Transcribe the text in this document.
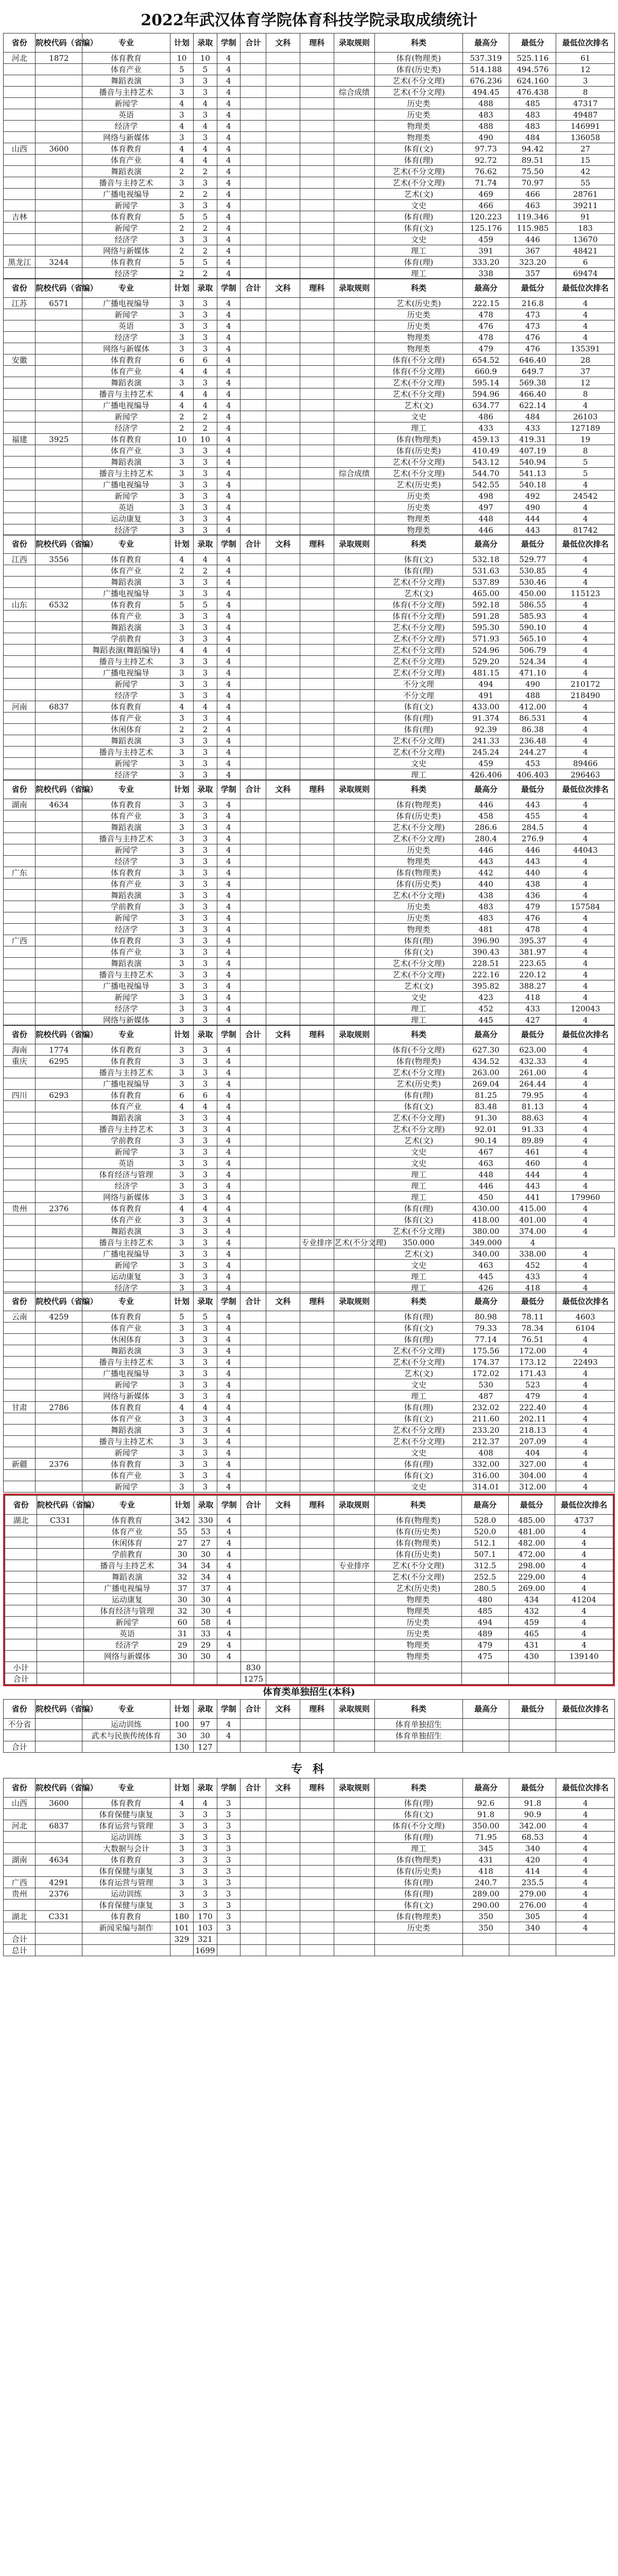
2022年武汉体育学院体育科技学院录取成绩统计
省份	院校代码（省编）	专业	计划	录取	学制	合计	文科	理科	录取规则	科类	最高分	最低分	最低位次排名
河北	1872	体育教育	10	10	4					体育(物理类)	537.319	525.116	61
		体育产业	5	5	4					体育(历史类)	514.188	494.576	12
		舞蹈表演	3	3	4					艺术(不分文理)	676.236	624.160	3
		播音与主持艺术	3	3	4				综合成绩	艺术(不分文理)	494.45	476.438	8
		新闻学	4	4	4					历史类	488	485	47317
		英语	3	3	4					历史类	483	483	49487
		经济学	4	4	4					物理类	488	483	146991
		网络与新媒体	3	3	4					物理类	490	484	136058
山西	3600	体育教育	4	4	4					体育(文)	97.73	94.42	27
		体育产业	4	4	4					体育(理)	92.72	89.51	15
		舞蹈表演	2	2	4					艺术(不分文理)	76.62	75.50	42
		播音与主持艺术	3	3	4					艺术(不分文理)	71.74	70.97	55
		广播电视编导	2	2	4					艺术(文)	469	466	28761
		新闻学	3	3	4					文史	466	463	39211
吉林		体育教育	5	5	4					体育(理)	120.223	119.346	91
		新闻学	2	2	4					体育(文)	125.176	115.985	183
		经济学	3	3	4					文史	459	446	13670
		网络与新媒体	2	2	4					理工	391	367	48421
黑龙江	3244	体育教育	5	5	4					体育(理)	333.20	323.20	6
		经济学	2	2	4					理工	338	357	69474
省份	院校代码（省编）	专业	计划	录取	学制	合计	文科	理科	录取规则	科类	最高分	最低分	最低位次排名
江苏	6571	广播电视编导	3	3	4					艺术(历史类)	222.15	216.8	4
		新闻学	3	3	4					历史类	478	473	4
		英语	3	3	4					历史类	476	473	4
		经济学	3	3	4					物理类	478	476	4
		网络与新媒体	3	3	4					物理类	479	476	135391
安徽		体育教育	6	6	4					体育(不分文理)	654.52	646.40	28
		体育产业	4	4	4					体育(不分文理)	660.9	649.7	37
		舞蹈表演	3	3	4					艺术(不分文理)	595.14	569.38	12
		播音与主持艺术	4	4	4					艺术(不分文理)	594.96	466.40	8
		广播电视编导	4	4	4					艺术(文)	634.77	622.14	4
		新闻学	2	2	4					文史	486	484	26103
		经济学	2	2	4					理工	433	433	127189
福建	3925	体育教育	10	10	4					体育(物理类)	459.13	419.31	19
		体育产业	3	3	4					体育(历史类)	410.49	407.19	8
		舞蹈表演	3	3	4					艺术(不分文理)	543.12	540.94	5
		播音与主持艺术	3	3	4				综合成绩	艺术(不分文理)	544.70	541.13	5
		广播电视编导	3	3	4					艺术(历史类)	542.55	540.18	4
		新闻学	3	3	4					历史类	498	492	24542
		英语	3	3	4					历史类	497	490	4
		运动康复	3	3	4					物理类	448	444	4
		经济学	3	3	4					物理类	446	443	81742
省份	院校代码（省编）	专业	计划	录取	学制	合计	文科	理科	录取规则	科类	最高分	最低分	最低位次排名
江西	3556	体育教育	4	4	4					体育(文)	532.18	529.77	4
		体育产业	2	2	4					体育(理)	531.63	530.85	4
		舞蹈表演	3	3	4					艺术(不分文理)	537.89	530.46	4
		广播电视编导	3	3	4					艺术(文)	465.00	450.00	115123
山东	6532	体育教育	5	5	4					体育(不分文理)	592.18	586.55	4
		体育产业	3	3	4					体育(不分文理)	591.28	585.93	4
		舞蹈表演	3	3	4					艺术(不分文理)	595.30	590.10	4
		学前教育	3	3	4					艺术(不分文理)	571.93	565.10	4
		舞蹈表演(舞蹈编导)	4	4	4					艺术(不分文理)	524.96	506.79	4
		播音与主持艺术	3	3	4					艺术(不分文理)	529.20	524.34	4
		广播电视编导	3	3	4					艺术(不分文理)	481.15	471.10	4
		新闻学	3	3	4					不分文理	494	490	210172
		经济学	3	3	4					不分文理	491	488	218490
河南	6837	体育教育	4	4	4					体育(文)	433.00	412.00	4
		体育产业	3	3	4					体育(理)	91.374	86.531	4
		休闲体育	2	2	4					体育(理)	92.39	86.38	4
		舞蹈表演	3	3	4					艺术(不分文理)	241.33	236.48	4
		播音与主持艺术	3	3	4					艺术(不分文理)	245.24	244.27	4
		新闻学	3	3	4					文史	459	453	89466
		经济学	3	3	4					理工	426.406	406.403	296463
省份	院校代码（省编）	专业	计划	录取	学制	合计	文科	理科	录取规则	科类	最高分	最低分	最低位次排名
湖南	4634	体育教育	3	3	4					体育(物理类)	446	443	4
		体育产业	3	3	4					体育(历史类)	458	455	4
		舞蹈表演	3	3	4					艺术(不分文理)	286.6	284.5	4
		播音与主持艺术	3	3	4					艺术(不分文理)	280.4	276.9	4
		新闻学	3	3	4					历史类	446	446	44043
		经济学	3	3	4					物理类	443	443	4
广东		体育教育	3	3	4					体育(物理类)	442	440	4
		体育产业	3	3	4					体育(历史类)	440	438	4
		舞蹈表演	3	3	4					艺术(不分文理)	438	436	4
		学前教育	3	3	4					历史类	483	479	157584
		新闻学	3	3	4					历史类	483	476	4
		经济学	3	3	4					物理类	481	478	4
广西		体育教育	3	3	4					体育(理)	396.90	395.37	4
		体育产业	3	3	4					体育(文)	390.43	381.97	4
		舞蹈表演	3	3	4					艺术(不分文理)	228.51	223.65	4
		播音与主持艺术	3	3	4					艺术(不分文理)	222.16	220.12	4
		广播电视编导	3	3	4					艺术(文)	395.82	388.27	4
		新闻学	3	3	4					文史	423	418	4
		经济学	3	3	4					理工	452	433	120043
		网络与新媒体	3	3	4					理工	445	427	4
省份	院校代码（省编）	专业	计划	录取	学制	合计	文科	理科	录取规则	科类	最高分	最低分	最低位次排名
海南	1774	体育教育	3	3	4					体育(不分文理)	627.30	623.00	4
重庆	6295	体育教育	3	3	4					体育(物理类)	434.52	432.33	4
		播音与主持艺术	3	3	4					艺术(不分文理)	263.00	261.00	4
		广播电视编导	3	3	4					艺术(历史类)	269.04	264.44	4
四川	6293	体育教育	6	6	4					体育(理)	81.25	79.95	4
		体育产业	4	4	4					体育(文)	83.48	81.13	4
		舞蹈表演	3	3	4					艺术(不分文理)	91.30	88.63	4
		播音与主持艺术	3	3	4					艺术(不分文理)	92.01	91.33	4
		学前教育	3	3	4					艺术(文)	90.14	89.89	4
		新闻学	3	3	4					文史	467	461	4
		英语	3	3	4					文史	463	460	4
		体育经济与管理	3	3	4					理工	448	444	4
		经济学	3	3	4					理工	446	443	4
		网络与新媒体	3	3	4					理工	450	441	179960
贵州	2376	体育教育	4	4	4					体育(理)	430.00	415.00	4
		体育产业	3	3	4					体育(文)	418.00	401.00	4
		舞蹈表演	3	3	4					艺术(不分文理)	380.00	374.00	4
		播音与主持艺术	3	3	4			专业排序	艺术(不分文理)	350.000	349.000	4	
		广播电视编导	3	3	4					艺术(文)	340.00	338.00	4
		新闻学	3	3	4					文史	463	452	4
		运动康复	3	3	4					理工	445	433	4
		经济学	3	3	4					理工	426	418	4
省份	院校代码（省编）	专业	计划	录取	学制	合计	文科	理科	录取规则	科类	最高分	最低分	最低位次排名
云南	4259	体育教育	5	5	4					体育(理)	80.98	78.11	4603
		体育产业	3	3	4					体育(文)	79.33	78.34	6104
		休闲体育	3	3	4					体育(理)	77.14	76.51	4
		舞蹈表演	3	3	4					艺术(不分文理)	175.56	172.00	4
		播音与主持艺术	3	3	4					艺术(不分文理)	174.37	173.12	22493
		广播电视编导	3	3	4					艺术(文)	172.02	171.43	4
		新闻学	3	3	4					文史	530	523	4
		网络与新媒体	3	3	4					理工	487	479	4
甘肃	2786	体育教育	4	4	4					体育(理)	232.02	222.40	4
		体育产业	3	3	4					体育(文)	211.60	202.11	4
		舞蹈表演	3	3	4					艺术(不分文理)	233.20	218.13	4
		播音与主持艺术	3	3	4					艺术(不分文理)	212.37	207.09	4
		新闻学	3	3	4					文史	408	404	4
新疆	2376	体育教育	3	3	4					体育(理)	332.00	327.00	4
		体育产业	3	3	4					体育(文)	316.00	304.00	4
		新闻学	3	3	4					文史	314.01	312.00	4
省份	院校代码（省编）	专业	计划	录取	学制	合计	文科	理科	录取规则	科类	最高分	最低分	最低位次排名
湖北	C331	体育教育	342	330	4					体育(物理类)	528.0	485.00	4737
		体育产业	55	53	4					体育(历史类)	520.0	481.00	4
		休闲体育	27	27	4					体育(物理类)	512.1	482.00	4
		学前教育	30	30	4					体育(历史类)	507.1	472.00	4
		播音与主持艺术	34	34	4				专业排序	艺术(不分文理)	312.5	298.00	4
		舞蹈表演	32	34	4					艺术(不分文理)	252.5	229.00	4
		广播电视编导	37	37	4					艺术(历史类)	280.5	269.00	4
		运动康复	30	30	4					物理类	480	434	41204
		体育经济与管理	32	30	4					物理类	485	432	4
		新闻学	60	58	4					历史类	494	459	4
		英语	31	33	4					历史类	489	465	4
		经济学	29	29	4					物理类	479	431	4
		网络与新媒体	30	30	4					物理类	475	430	139140
小计						830							
合计						1275							
体育类单独招生(本科)
省份	院校代码（省编）	专业	计划	录取	学制	合计	文科	理科	录取规则	科类	最高分	最低分	最低位次排名
不分省		运动训练	100	97	4					体育单独招生			
		武术与民族传统体育	30	30	4					体育单独招生			
合计			130	127									
专 科
省份	院校代码（省编）	专业	计划	录取	学制	合计	文科	理科	录取规则	科类	最高分	最低分	最低位次排名
山西	3600	体育教育	4	4	3					体育(理)	92.6	91.8	4
		体育保健与康复	3	3	3					体育(文)	91.8	90.9	4
河北	6837	体育运营与管理	3	3	3					体育(不分文理)	350.00	342.00	4
		运动训练	3	3	3					体育(理)	71.95	68.53	4
		大数据与会计	3	3	3					理工	345	340	4
湖南	4634	体育教育	3	3	3					体育(物理类)	431	420	4
		体育保健与康复	3	3	3					体育(历史类)	418	414	4
广西	4291	体育运营与管理	3	3	3					体育(理)	240.7	235.5	4
贵州	2376	运动训练	3	3	3					体育(理)	289.00	279.00	4
		体育保健与康复	3	3	3					体育(文)	290.00	276.00	4
湖北	C331	体育教育	180	170	3					体育(物理类)	350	305	4
		新闻采编与制作	101	103	3					历史类	350	340	4
合计			329	321									
总计				1699									
